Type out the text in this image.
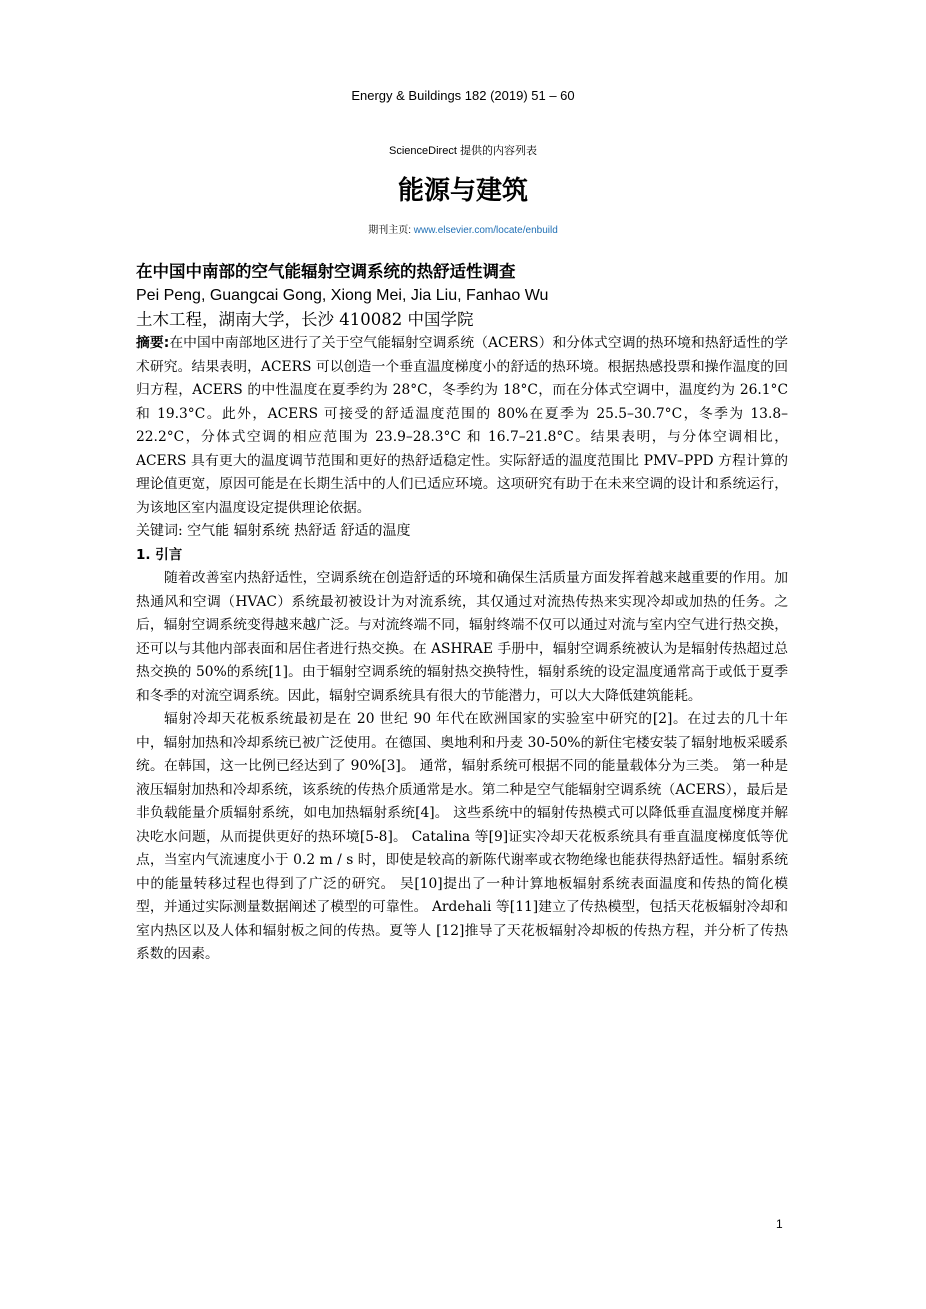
Energy & Buildings 182 (2019) 51 – 60
ScienceDirect 提供的内容列表
能源与建筑
期刊主页: www.elsevier.com/locate/enbuild
在中国中南部的空气能辐射空调系统的热舒适性调查
Pei Peng, Guangcai Gong, Xiong Mei, Jia Liu, Fanhao Wu
土木工程，湖南大学，长沙 410082 中国学院

摘要:在中国中南部地区进行了关于空气能辐射空调系统（ACERS）和分体式空调的热环境和热舒适性的学术研究。结果表明，ACERS 可以创造一个垂直温度梯度小的舒适的热环境。根据热感投票和操作温度的回归方程，ACERS 的中性温度在夏季约为 28°C，冬季约为 18°C，而在分体式空调中，温度约为 26.1°C 和 19.3°C。此外，ACERS 可接受的舒适温度范围的 80%在夏季为 25.5–30.7°C，冬季为 13.8–22.2°C，分体式空调的相应范围为 23.9–28.3°C 和 16.7–21.8°C。结果表明，与分体空调相比，ACERS 具有更大的温度调节范围和更好的热舒适稳定性。实际舒适的温度范围比 PMV–PPD 方程计算的理论值更宽，原因可能是在长期生活中的人们已适应环境。这项研究有助于在未来空调的设计和系统运行，为该地区室内温度设定提供理论依据。

关键词: 空气能 辐射系统 热舒适 舒适的温度
1. 引言

随着改善室内热舒适性，空调系统在创造舒适的环境和确保生活质量方面发挥着越来越重要的作用。加热通风和空调（HVAC）系统最初被设计为对流系统，其仅通过对流热传热来实现冷却或加热的任务。之后，辐射空调系统变得越来越广泛。与对流终端不同，辐射终端不仅可以通过对流与室内空气进行热交换，还可以与其他内部表面和居住者进行热交换。在 ASHRAE 手册中，辐射空调系统被认为是辐射传热超过总热交换的 50%的系统[1]。由于辐射空调系统的辐射热交换特性，辐射系统的设定温度通常高于或低于夏季和冬季的对流空调系统。因此，辐射空调系统具有很大的节能潜力，可以大大降低建筑能耗。

辐射冷却天花板系统最初是在 20 世纪 90 年代在欧洲国家的实验室中研究的[2]。在过去的几十年中，辐射加热和冷却系统已被广泛使用。在德国、奥地利和丹麦 30-50%的新住宅楼安装了辐射地板采暖系统。在韩国，这一比例已经达到了 90%[3]。 通常，辐射系统可根据不同的能量载体分为三类。 第一种是液压辐射加热和冷却系统，该系统的传热介质通常是水。第二种是空气能辐射空调系统（ACERS），最后是非负载能量介质辐射系统，如电加热辐射系统[4]。 这些系统中的辐射传热模式可以降低垂直温度梯度并解决吃水问题，从而提供更好的热环境[5-8]。 Catalina 等[9]证实冷却天花板系统具有垂直温度梯度低等优点，当室内气流速度小于 0.2 m / s 时，即使是较高的新陈代谢率或衣物绝缘也能获得热舒适性。辐射系统中的能量转移过程也得到了广泛的研究。 吴[10]提出了一种计算地板辐射系统表面温度和传热的简化模型，并通过实际测量数据阐述了模型的可靠性。 Ardehali 等[11]建立了传热模型，包括天花板辐射冷却和室内热区以及人体和辐射板之间的传热。夏等人 [12]推导了天花板辐射冷却板的传热方程，并分析了传热系数的因素。

1
